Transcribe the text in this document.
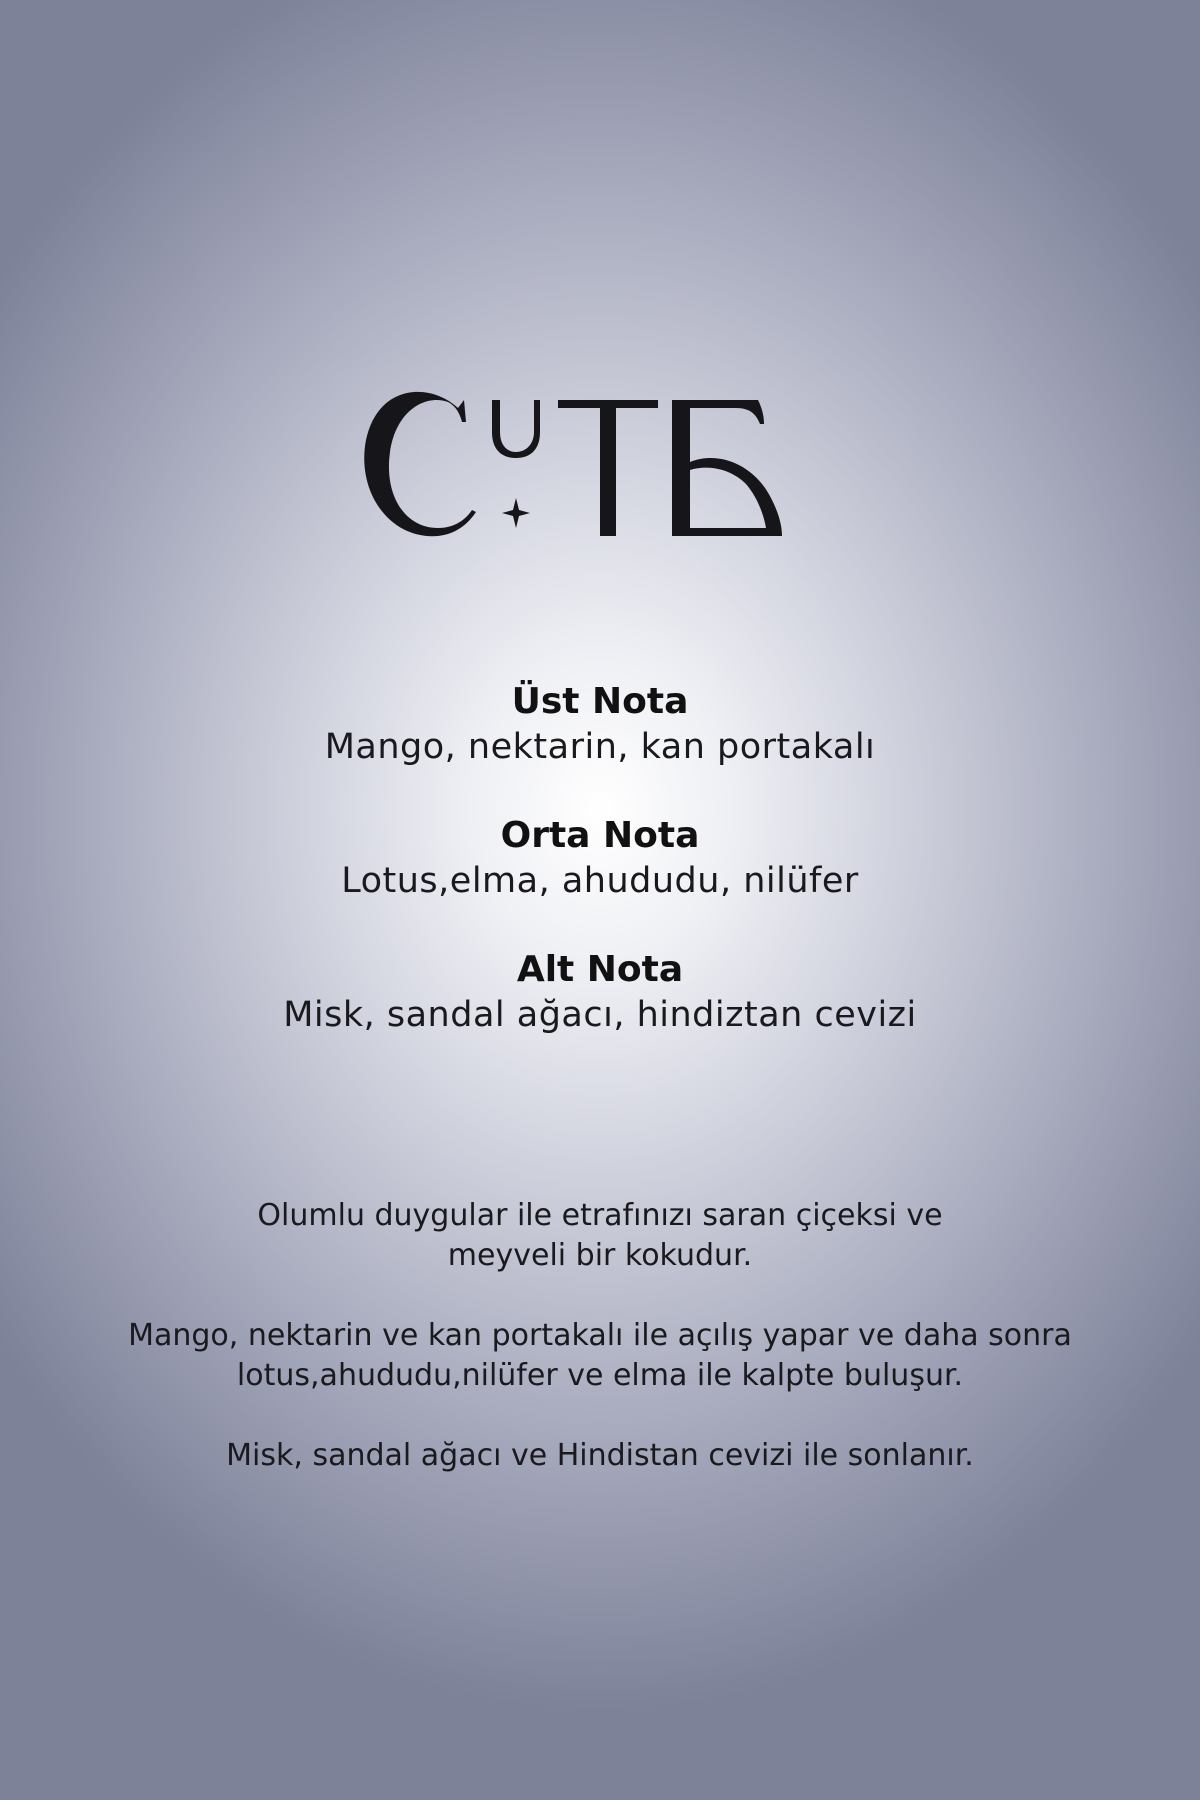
Üst Nota
Mango, nektarin, kan portakalı
Orta Nota
Lotus,elma, ahududu, nilüfer
Alt Nota
Misk, sandal ağacı, hindiztan cevizi

Olumlu duygular ile etrafınızı saran çiçeksi ve
meyveli bir kokudur.

Mango, nektarin ve kan portakalı ile açılış yapar ve daha sonra
lotus,ahududu,nilüfer ve elma ile kalpte buluşur.

Misk, sandal ağacı ve Hindistan cevizi ile sonlanır.
